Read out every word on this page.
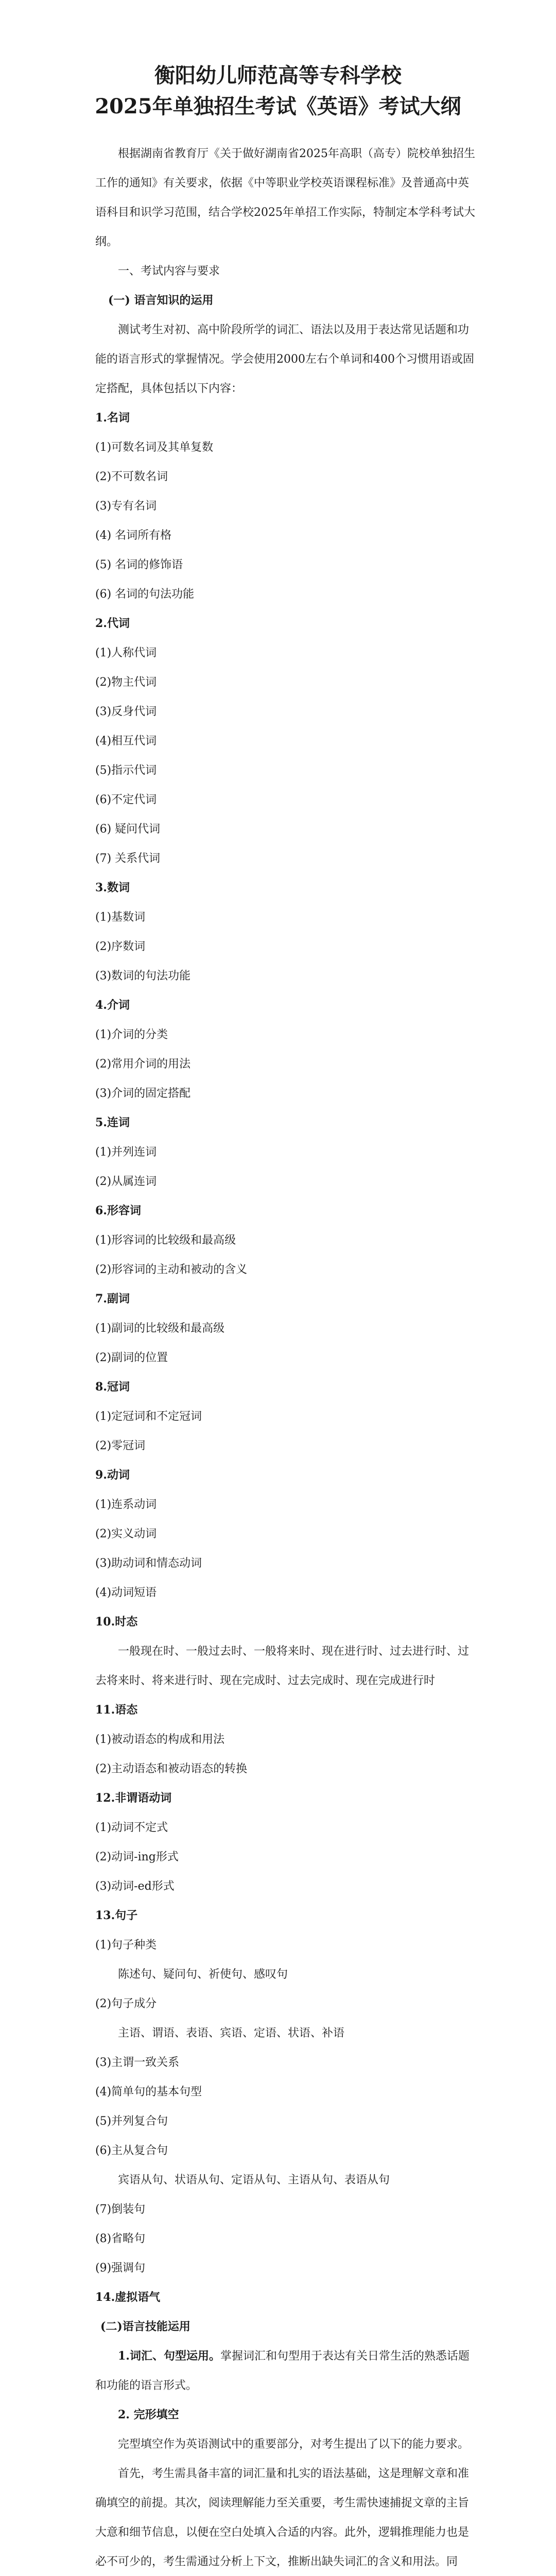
衡阳幼儿师范高等专科学校
2025年单独招生考试《英语》考试大纲
根据湖南省教育厅《关于做好湖南省2025年高职（高专）院校单独招生工作的通知》有关要求，依据《中等职业学校英语课程标准》及普通高中英语科目和识学习范围，结合学校2025年单招工作实际，特制定本学科考试大纲。
一、考试内容与要求
(一) 语言知识的运用
测试考生对初、高中阶段所学的词汇、语法以及用于表达常见话题和功能的语言形式的掌握情况。学会使用2000左右个单词和400个习惯用语或固定搭配，具体包括以下内容：
1.名词
(1)可数名词及其单复数
(2)不可数名词
(3)专有名词
(4) 名词所有格
(5) 名词的修饰语
(6) 名词的句法功能
2.代词
(1)人称代词
(2)物主代词
(3)反身代词
(4)相互代词
(5)指示代词
(6)不定代词
(6) 疑问代词
(7) 关系代词
3.数词
(1)基数词
(2)序数词
(3)数词的句法功能
4.介词
(1)介词的分类
(2)常用介词的用法
(3)介词的固定搭配
5.连词
(1)并列连词
(2)从属连词
6.形容词
(1)形容词的比较级和最高级
(2)形容词的主动和被动的含义
7.副词
(1)副词的比较级和最高级
(2)副词的位置
8.冠词
(1)定冠词和不定冠词
(2)零冠词
9.动词
(1)连系动词
(2)实义动词
(3)助动词和情态动词
(4)动词短语
10.时态
一般现在时、一般过去时、一般将来时、现在进行时、过去进行时、过去将来时、将来进行时、现在完成时、过去完成时、现在完成进行时
11.语态
(1)被动语态的构成和用法
(2)主动语态和被动语态的转换
12.非谓语动词
(1)动词不定式
(2)动词-ing形式
(3)动词-ed形式
13.句子
(1)句子种类
陈述句、疑问句、祈使句、感叹句
(2)句子成分
主语、谓语、表语、宾语、定语、状语、补语
(3)主谓一致关系
(4)简单句的基本句型
(5)并列复合句
(6)主从复合句
宾语从句、状语从句、定语从句、主语从句、表语从句
(7)倒装句
(8)省略句
(9)强调句
14.虚拟语气
(二)语言技能运用
1.词汇、句型运用。掌握词汇和句型用于表达有关日常生活的熟悉话题和功能的语言形式。
2. 完形填空
完型填空作为英语测试中的重要部分，对考生提出了以下的能力要求。
首先，考生需具备丰富的词汇量和扎实的语法基础，这是理解文章和准确填空的前提。其次，阅读理解能力至关重要，考生需快速捕捉文章的主旨大意和细节信息，以便在空白处填入合适的内容。此外，逻辑推理能力也是必不可少的，考生需通过分析上下文，推断出缺失词汇的含义和用法。同
